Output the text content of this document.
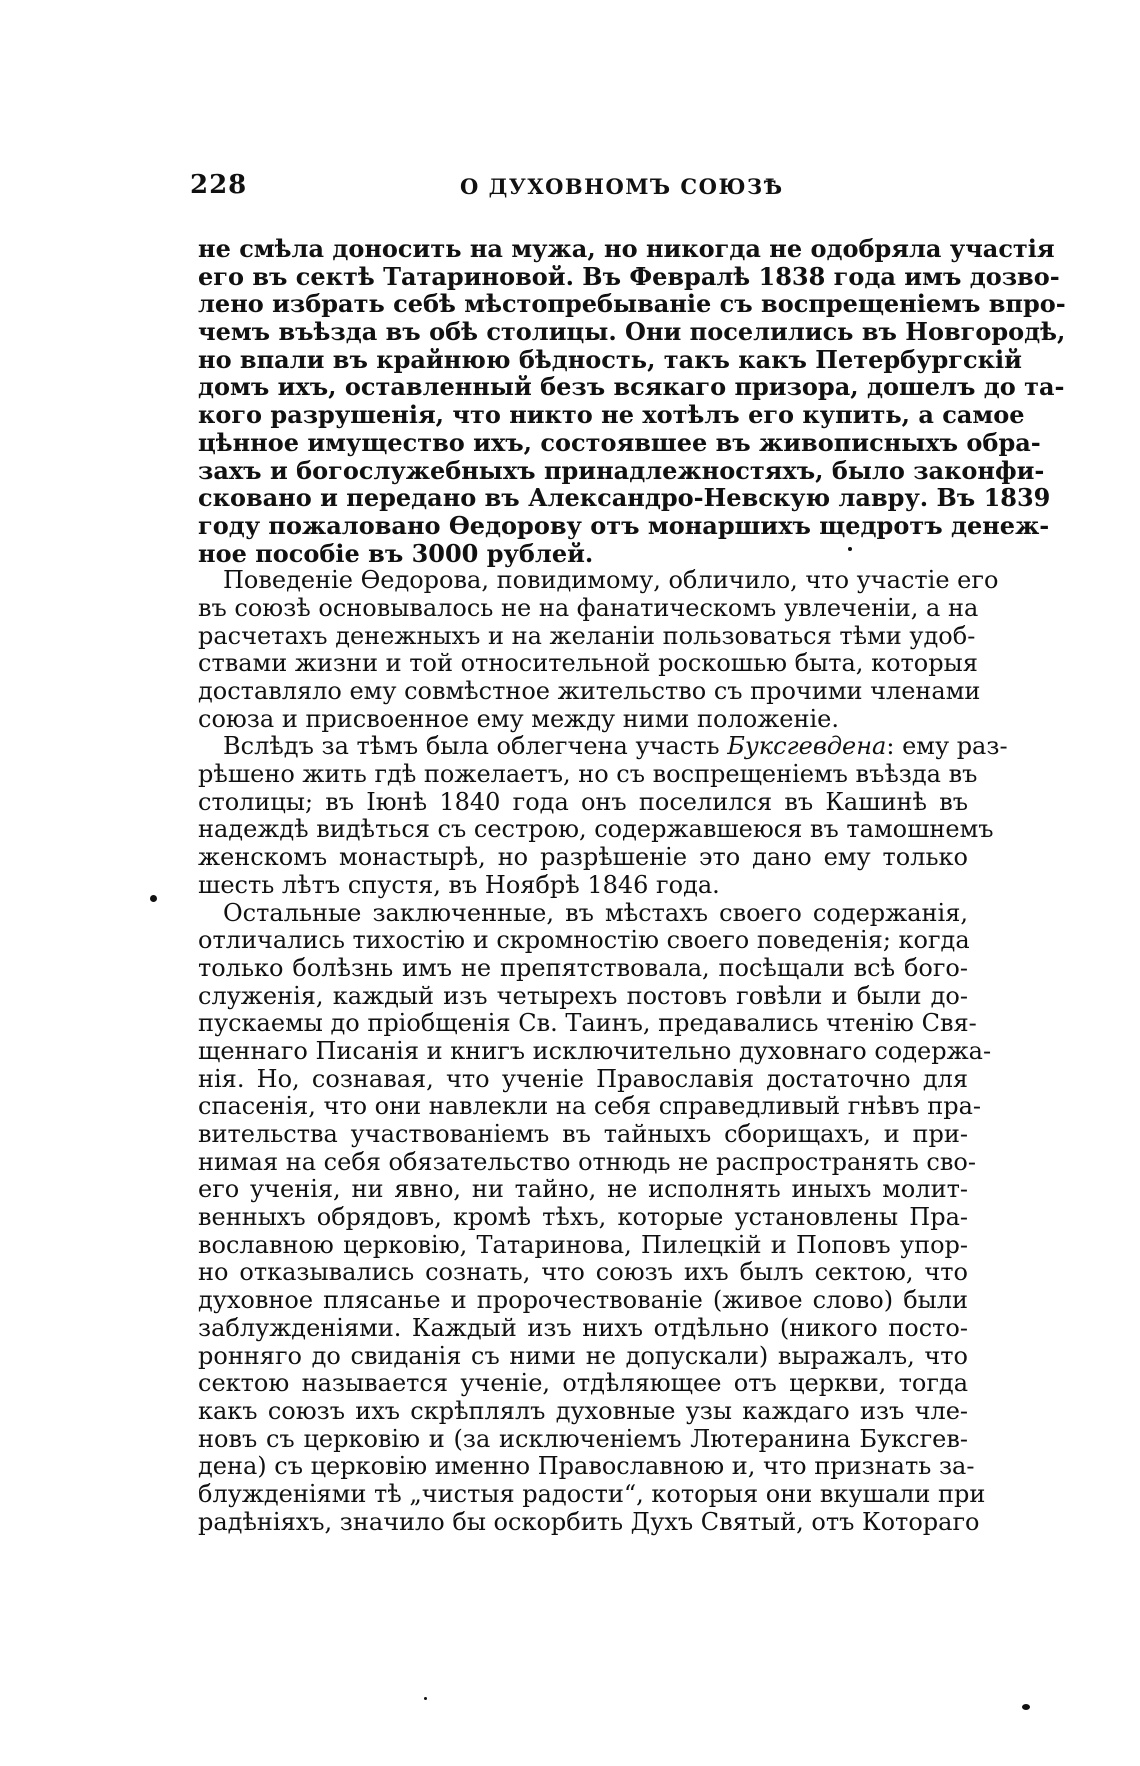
228	О ДУХОВНОМЪ СОЮЗѢ
не смѣла доносить на мужа, но никогда не одобряла участія
его въ сектѣ Татариновой. Въ Февралѣ 1838 года имъ дозво-
лено избрать себѣ мѣстопребываніе съ воспрещеніемъ впро-
чемъ въѣзда въ обѣ столицы. Они поселились въ Новгородѣ,
но впали въ крайнюю бѣдность, такъ какъ Петербургскій
домъ ихъ, оставленный безъ всякаго призора, дошелъ до та-
кого разрушенія, что никто не хотѣлъ его купить, а самое
цѣнное имущество ихъ, состоявшее въ живописныхъ обра-
захъ и богослужебныхъ принадлежностяхъ, было законфи-
сковано и передано въ Александро-Невскую лавру. Въ 1839
году пожаловано Ѳедорову отъ монаршихъ щедротъ денеж-
ное пособіе въ 3000 рублей.
Поведеніе Ѳедорова, повидимому, обличило, что участіе его
въ союзѣ основывалось не на фанатическомъ увлеченіи, а на
расчетахъ денежныхъ и на желаніи пользоваться тѣми удоб-
ствами жизни и той относительной роскошью быта, которыя
доставляло ему совмѣстное жительство съ прочими членами
союза и присвоенное ему между ними положеніе.
Вслѣдъ за тѣмъ была облегчена участь Буксгевдена: ему раз-
рѣшено жить гдѣ пожелаетъ, но съ воспрещеніемъ въѣзда въ
столицы; въ Іюнѣ 1840 года онъ поселился въ Кашинѣ въ
надеждѣ видѣться съ сестрою, содержавшеюся въ тамошнемъ
женскомъ монастырѣ, но разрѣшеніе это дано ему только
шесть лѣтъ спустя, въ Ноябрѣ 1846 года.
Остальные заключенные, въ мѣстахъ своего содержанія,
отличались тихостію и скромностію своего поведенія; когда
только болѣзнь имъ не препятствовала, посѣщали всѣ бого-
служенія, каждый изъ четырехъ постовъ говѣли и были до-
пускаемы до пріобщенія Св. Таинъ, предавались чтенію Свя-
щеннаго Писанія и книгъ исключительно духовнаго содержа-
нія. Но, сознавая, что ученіе Православія достаточно для
спасенія, что они навлекли на себя справедливый гнѣвъ пра-
вительства участвованіемъ въ тайныхъ сборищахъ, и при-
нимая на себя обязательство отнюдь не распространять сво-
его ученія, ни явно, ни тайно, не исполнять иныхъ молит-
венныхъ обрядовъ, кромѣ тѣхъ, которые установлены Пра-
вославною церковію, Татаринова, Пилецкій и Поповъ упор-
но отказывались сознать, что союзъ ихъ былъ сектою, что
духовное плясанье и пророчествованіе (живое слово) были
заблужденіями. Каждый изъ нихъ отдѣльно (никого посто-
ронняго до свиданія съ ними не допускали) выражалъ, что
сектою называется ученіе, отдѣляющее отъ церкви, тогда
какъ союзъ ихъ скрѣплялъ духовные узы каждаго изъ чле-
новъ съ церковію и (за исключеніемъ Лютеранина Буксгев-
дена) съ церковію именно Православною и, что признать за-
блужденіями тѣ „чистыя радости“, которыя они вкушали при
радѣніяхъ, значило бы оскорбить Духъ Святый, отъ Котораго
